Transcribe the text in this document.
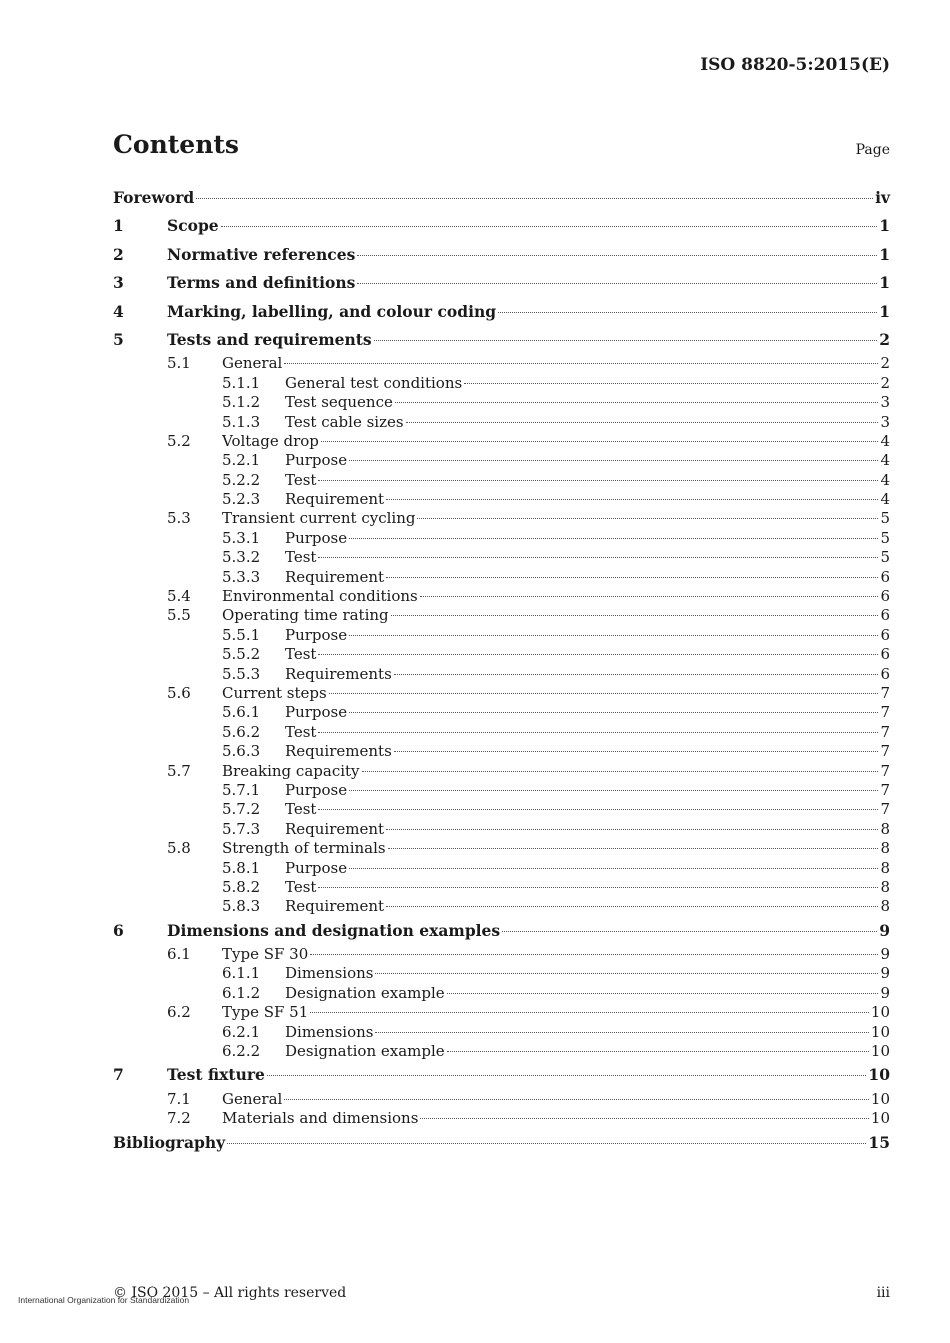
ISO 8820-5:2015(E)
Contents	Page
Foreword	iv
1	Scope	1
2	Normative references	1
3	Terms and definitions	1
4	Marking, labelling, and colour coding	1
5	Tests and requirements	2
5.1	General	2
5.1.1	General test conditions	2
5.1.2	Test sequence	3
5.1.3	Test cable sizes	3
5.2	Voltage drop	4
5.2.1	Purpose	4
5.2.2	Test	4
5.2.3	Requirement	4
5.3	Transient current cycling	5
5.3.1	Purpose	5
5.3.2	Test	5
5.3.3	Requirement	6
5.4	Environmental conditions	6
5.5	Operating time rating	6
5.5.1	Purpose	6
5.5.2	Test	6
5.5.3	Requirements	6
5.6	Current steps	7
5.6.1	Purpose	7
5.6.2	Test	7
5.6.3	Requirements	7
5.7	Breaking capacity	7
5.7.1	Purpose	7
5.7.2	Test	7
5.7.3	Requirement	8
5.8	Strength of terminals	8
5.8.1	Purpose	8
5.8.2	Test	8
5.8.3	Requirement	8
6	Dimensions and designation examples	9
6.1	Type SF 30	9
6.1.1	Dimensions	9
6.1.2	Designation example	9
6.2	Type SF 51	10
6.2.1	Dimensions	10
6.2.2	Designation example	10
7	Test fixture	10
7.1	General	10
7.2	Materials and dimensions	10
Bibliography	15
© ISO 2015 – All rights reserved	iii
International Organization for Standardization
